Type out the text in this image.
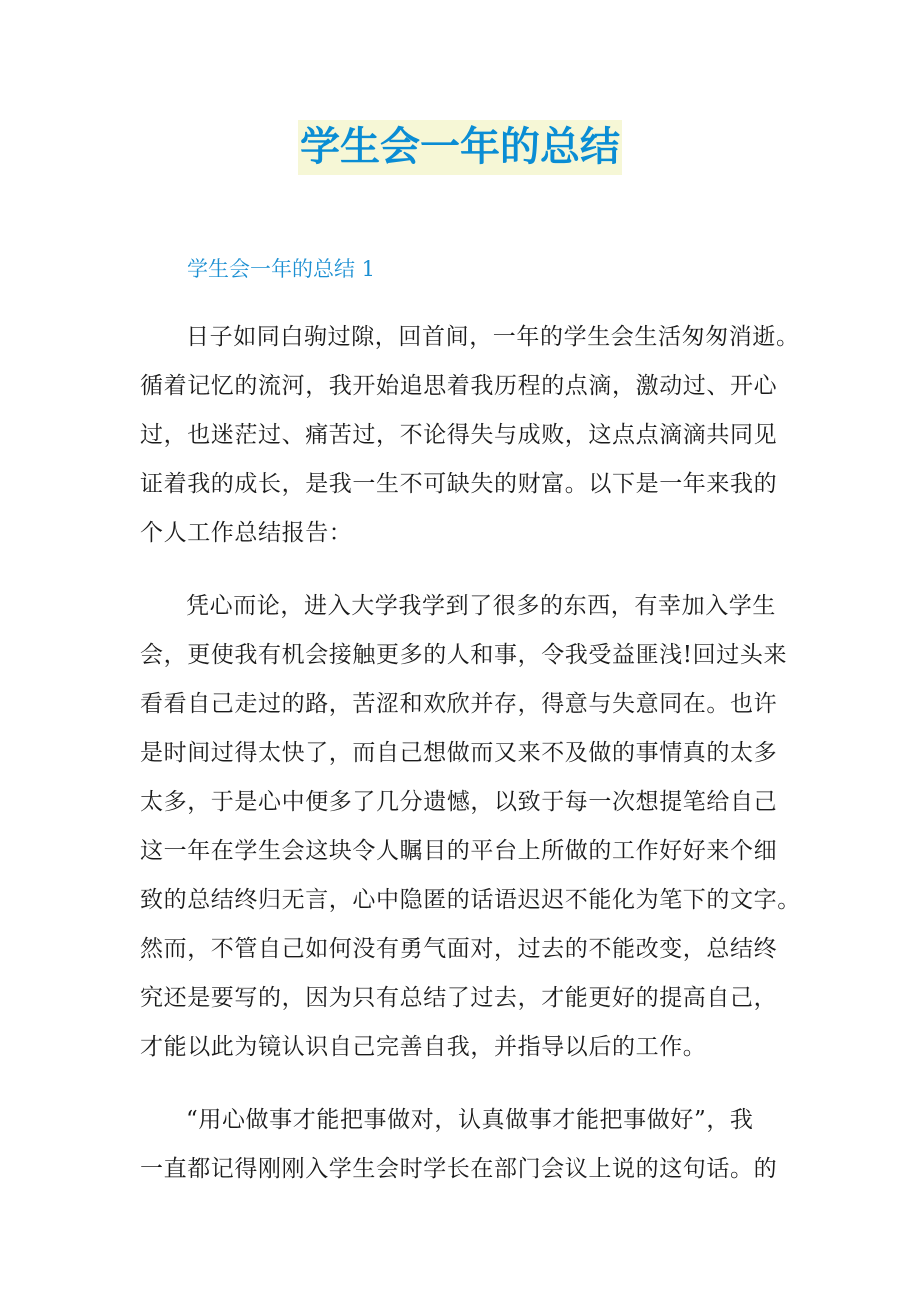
学生会一年的总结
学生会一年的总结 1
日子如同白驹过隙，回首间，一年的学生会生活匆匆消逝。
循着记忆的流河，我开始追思着我历程的点滴，激动过、开心
过，也迷茫过、痛苦过，不论得失与成败，这点点滴滴共同见
证着我的成长，是我一生不可缺失的财富。以下是一年来我的
个人工作总结报告：
凭心而论，进入大学我学到了很多的东西，有幸加入学生
会，更使我有机会接触更多的人和事，令我受益匪浅!回过头来
看看自己走过的路，苦涩和欢欣并存，得意与失意同在。也许
是时间过得太快了，而自己想做而又来不及做的事情真的太多
太多，于是心中便多了几分遗憾，以致于每一次想提笔给自己
这一年在学生会这块令人瞩目的平台上所做的工作好好来个细
致的总结终归无言，心中隐匿的话语迟迟不能化为笔下的文字。
然而，不管自己如何没有勇气面对，过去的不能改变，总结终
究还是要写的，因为只有总结了过去，才能更好的提高自己，
才能以此为镜认识自己完善自我，并指导以后的工作。
“用心做事才能把事做对，认真做事才能把事做好”，我
一直都记得刚刚入学生会时学长在部门会议上说的这句话。的
